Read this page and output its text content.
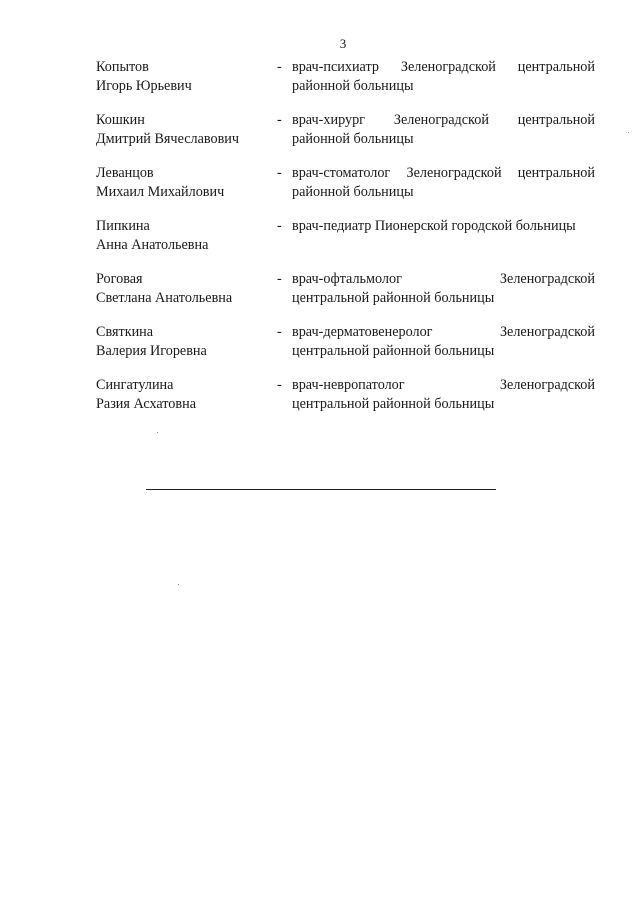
3
Копытов
Игорь Юрьевич
- врач-психиатр Зеленоградской центральной
районной больницы
Кошкин
Дмитрий Вячеславович
- врач-хирург Зеленоградской центральной
районной больницы
Леванцов
Михаил Михайлович
- врач-стоматолог Зеленоградской центральной
районной больницы
Пипкина
Анна Анатольевна
- врач-педиатр Пионерской городской больницы
Роговая
Светлана Анатольевна
- врач-офтальмолог Зеленоградской
центральной районной больницы
Святкина
Валерия Игоревна
- врач-дерматовенеролог Зеленоградской
центральной районной больницы
Сингатулина
Разия Асхатовна
- врач-невропатолог Зеленоградской
центральной районной больницы
